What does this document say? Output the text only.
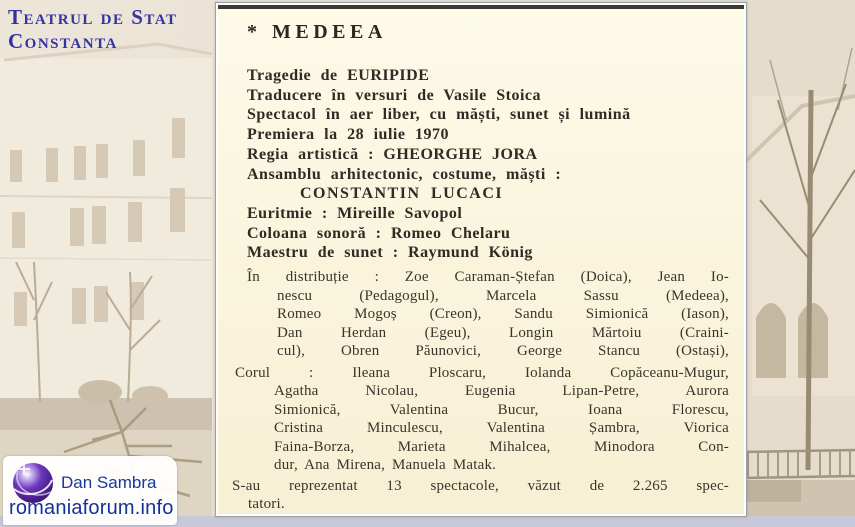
Teatrul de Stat
Constanta	* MEDEEA
Tragedie de EURIPIDE
Traducere în versuri de Vasile Stoica
Spectacol în aer liber, cu măști, sunet și lumină
Premiera la 28 iulie 1970
Regia artistică : GHEORGHE JORA
Ansamblu arhitectonic, costume, măști :
CONSTANTIN LUCACI
Euritmie : Mireille Savopol
Coloana sonoră : Romeo Chelaru
Maestru de sunet : Raymund König
În distribuție : Zoe Caraman-Ștefan (Doica), Jean Io-
nescu (Pedagogul), Marcela Sassu (Medeea),
Romeo Mogoș (Creon), Sandu Simionică (Iason),
Dan Herdan (Egeu), Longin Mărtoiu (Craini-
cul), Obren Păunovici, George Stancu (Ostași),
Corul : Ileana Ploscaru, Iolanda Copăceanu-Mugur,
Agatha Nicolau, Eugenia Lipan-Petre, Aurora
Simionică, Valentina Bucur, Ioana Florescu,
Cristina Minculescu, Valentina Șambra, Viorica
Faina-Borza, Marieta Mihalcea, Minodora Con-
dur, Ana Mirena, Manuela Matak.
S-au reprezentat 13 spectacole, văzut de 2.265 spec-
tatori.
Dan Sambra
romaniaforum.info
